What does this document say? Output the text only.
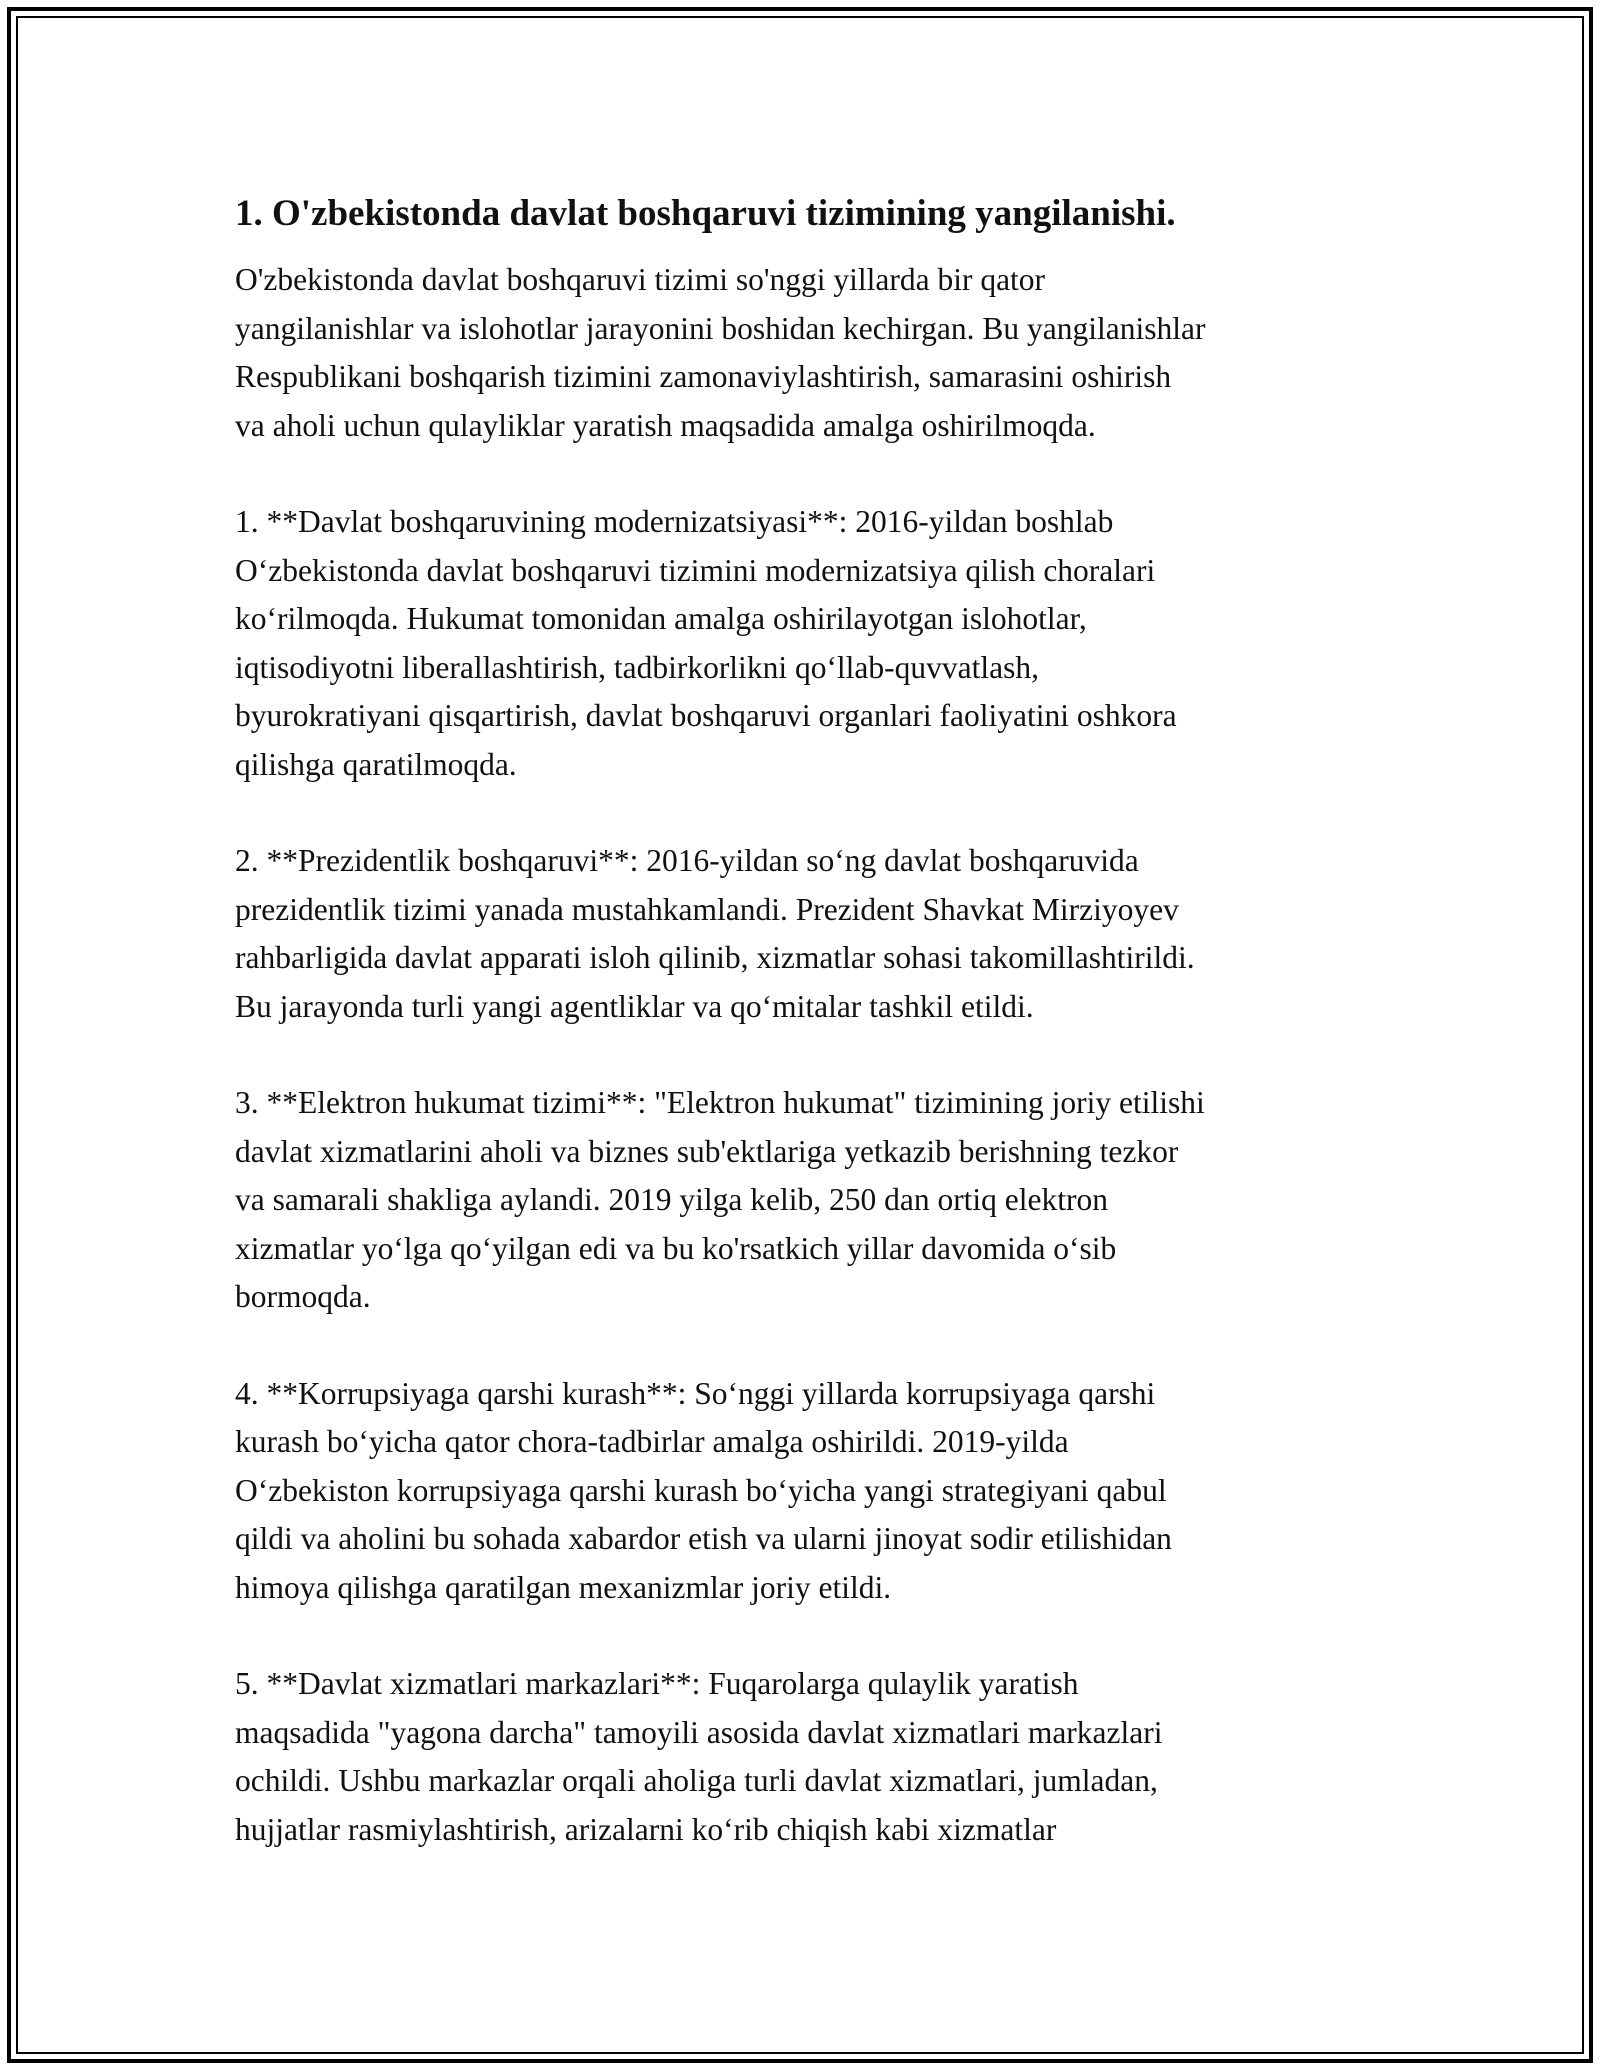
1. O'zbekistonda davlat boshqaruvi tizimining yangilanishi.

O'zbekistonda davlat boshqaruvi tizimi so'nggi yillarda bir qator
yangilanishlar va islohotlar jarayonini boshidan kechirgan. Bu yangilanishlar
Respublikani boshqarish tizimini zamonaviylashtirish, samarasini oshirish
va aholi uchun qulayliklar yaratish maqsadida amalga oshirilmoqda.

1. **Davlat boshqaruvining modernizatsiyasi**: 2016-yildan boshlab
O‘zbekistonda davlat boshqaruvi tizimini modernizatsiya qilish choralari
ko‘rilmoqda. Hukumat tomonidan amalga oshirilayotgan islohotlar,
iqtisodiyotni liberallashtirish, tadbirkorlikni qo‘llab-quvvatlash,
byurokratiyani qisqartirish, davlat boshqaruvi organlari faoliyatini oshkora
qilishga qaratilmoqda.

2. **Prezidentlik boshqaruvi**: 2016-yildan so‘ng davlat boshqaruvida
prezidentlik tizimi yanada mustahkamlandi. Prezident Shavkat Mirziyoyev
rahbarligida davlat apparati isloh qilinib, xizmatlar sohasi takomillashtirildi.
Bu jarayonda turli yangi agentliklar va qo‘mitalar tashkil etildi.

3. **Elektron hukumat tizimi**: "Elektron hukumat" tizimining joriy etilishi
davlat xizmatlarini aholi va biznes sub'ektlariga yetkazib berishning tezkor
va samarali shakliga aylandi. 2019 yilga kelib, 250 dan ortiq elektron
xizmatlar yo‘lga qo‘yilgan edi va bu ko'rsatkich yillar davomida o‘sib
bormoqda.

4. **Korrupsiyaga qarshi kurash**: So‘nggi yillarda korrupsiyaga qarshi
kurash bo‘yicha qator chora-tadbirlar amalga oshirildi. 2019-yilda
O‘zbekiston korrupsiyaga qarshi kurash bo‘yicha yangi strategiyani qabul
qildi va aholini bu sohada xabardor etish va ularni jinoyat sodir etilishidan
himoya qilishga qaratilgan mexanizmlar joriy etildi.

5. **Davlat xizmatlari markazlari**: Fuqarolarga qulaylik yaratish
maqsadida "yagona darcha" tamoyili asosida davlat xizmatlari markazlari
ochildi. Ushbu markazlar orqali aholiga turli davlat xizmatlari, jumladan,
hujjatlar rasmiylashtirish, arizalarni ko‘rib chiqish kabi xizmatlar
